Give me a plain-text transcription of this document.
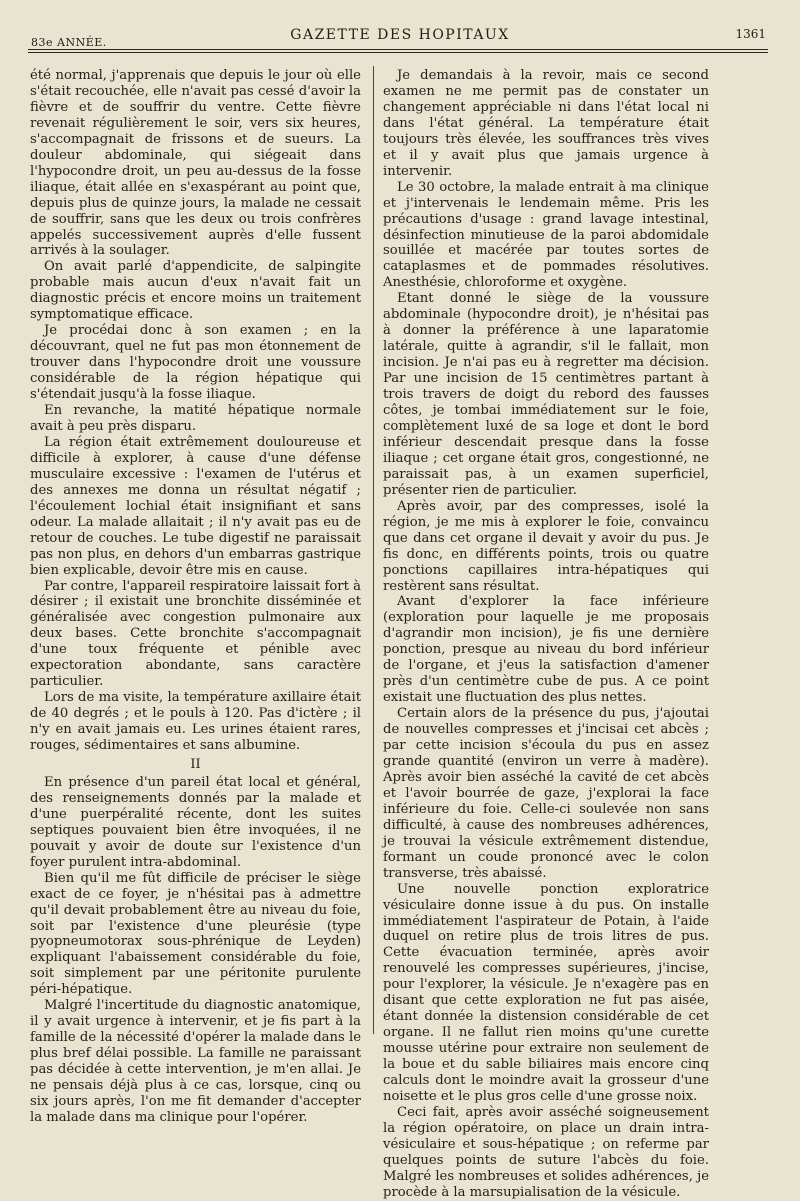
83e ANNÉE.	GAZETTE DES HOPITAUX	1361

été normal, j'apprenais que depuis le jour où elle s'était recouchée, elle n'avait pas cessé d'avoir la fièvre et de souffrir du ventre. Cette fièvre revenait régulièrement le soir, vers six heures, s'accompagnait de frissons et de sueurs. La douleur abdominale, qui siégeait dans l'hypocondre droit, un peu au-dessus de la fosse iliaque, était allée en s'exaspérant au point que, depuis plus de quinze jours, la malade ne cessait de souffrir, sans que les deux ou trois confrères appelés successivement auprès d'elle fussent arrivés à la soulager.

On avait parlé d'appendicite, de salpingite probable mais aucun d'eux n'avait fait un diagnostic précis et encore moins un traitement symptomatique efficace.

Je procédai donc à son examen ; en la découvrant, quel ne fut pas mon étonnement de trouver dans l'hypocondre droit une voussure considérable de la région hépatique qui s'étendait jusqu'à la fosse iliaque.

En revanche, la matité hépatique normale avait à peu près disparu.

La région était extrêmement douloureuse et difficile à explorer, à cause d'une défense musculaire excessive : l'examen de l'utérus et des annexes me donna un résultat négatif ; l'écoulement lochial était insignifiant et sans odeur. La malade allaitait ; il n'y avait pas eu de retour de couches. Le tube digestif ne paraissait pas non plus, en dehors d'un embarras gastrique bien explicable, devoir être mis en cause.

Par contre, l'appareil respiratoire laissait fort à désirer ; il existait une bronchite disséminée et généralisée avec congestion pulmonaire aux deux bases. Cette bronchite s'accompagnait d'une toux fréquente et pénible avec expectoration abondante, sans caractère particulier.

Lors de ma visite, la température axillaire était de 40 degrés ; et le pouls à 120. Pas d'ictère ; il n'y en avait jamais eu. Les urines étaient rares, rouges, sédimentaires et sans albumine.

II

En présence d'un pareil état local et général, des renseignements donnés par la malade et d'une puerpéralité récente, dont les suites septiques pouvaient bien être invoquées, il ne pouvait y avoir de doute sur l'existence d'un foyer purulent intra-abdominal.

Bien qu'il me fût difficile de préciser le siège exact de ce foyer, je n'hésitai pas à admettre qu'il devait probablement être au niveau du foie, soit par l'existence d'une pleurésie (type pyopneumotorax sous-phrénique de Leyden) expliquant l'abaissement considérable du foie, soit simplement par une péritonite purulente péri-hépatique.

Malgré l'incertitude du diagnostic anatomique, il y avait urgence à intervenir, et je fis part à la famille de la nécessité d'opérer la malade dans le plus bref délai possible. La famille ne paraissant pas décidée à cette intervention, je m'en allai. Je ne pensais déjà plus à ce cas, lorsque, cinq ou six jours après, l'on me fit demander d'accepter la malade dans ma clinique pour l'opérer.

Je demandais à la revoir, mais ce second examen ne me permit pas de constater un changement appréciable ni dans l'état local ni dans l'état général. La température était toujours très élevée, les souffrances très vives et il y avait plus que jamais urgence à intervenir.

Le 30 octobre, la malade entrait à ma clinique et j'intervenais le lendemain même. Pris les précautions d'usage : grand lavage intestinal, désinfection minutieuse de la paroi abdomidale souillée et macérée par toutes sortes de cataplasmes et de pommades résolutives. Anesthésie, chloroforme et oxygène.

Etant donné le siège de la voussure abdominale (hypocondre droit), je n'hésitai pas à donner la préférence à une laparatomie latérale, quitte à agrandir, s'il le fallait, mon incision. Je n'ai pas eu à regretter ma décision. Par une incision de 15 centimètres partant à trois travers de doigt du rebord des fausses côtes, je tombai immédiatement sur le foie, complètement luxé de sa loge et dont le bord inférieur descendait presque dans la fosse iliaque ; cet organe était gros, congestionné, ne paraissait pas, à un examen superficiel, présenter rien de particulier.

Après avoir, par des compresses, isolé la région, je me mis à explorer le foie, convaincu que dans cet organe il devait y avoir du pus. Je fis donc, en différents points, trois ou quatre ponctions capillaires intra-hépatiques qui restèrent sans résultat.

Avant d'explorer la face inférieure (exploration pour laquelle je me proposais d'agrandir mon incision), je fis une dernière ponction, presque au niveau du bord inférieur de l'organe, et j'eus la satisfaction d'amener près d'un centimètre cube de pus. A ce point existait une fluctuation des plus nettes.

Certain alors de la présence du pus, j'ajoutai de nouvelles compresses et j'incisai cet abcès ; par cette incision s'écoula du pus en assez grande quantité (environ un verre à madère). Après avoir bien asséché la cavité de cet abcès et l'avoir bourrée de gaze, j'explorai la face inférieure du foie. Celle-ci soulevée non sans difficulté, à cause des nombreuses adhérences, je trouvai la vésicule extrêmement distendue, formant un coude prononcé avec le colon transverse, très abaissé.

Une nouvelle ponction exploratrice vésiculaire donne issue à du pus. On installe immédiatement l'aspirateur de Potain, à l'aide duquel on retire plus de trois litres de pus. Cette évacuation terminée, après avoir renouvelé les compresses supérieures, j'incise, pour l'explorer, la vésicule. Je n'exagère pas en disant que cette exploration ne fut pas aisée, étant donnée la distension considérable de cet organe. Il ne fallut rien moins qu'une curette mousse utérine pour extraire non seulement de la boue et du sable biliaires mais encore cinq calculs dont le moindre avait la grosseur d'une noisette et le plus gros celle d'une grosse noix.

Ceci fait, après avoir asséché soigneusement la région opératoire, on place un drain intra-vésiculaire et sous-hépatique ; on referme par quelques points de suture l'abcès du foie. Malgré les nombreuses et solides adhérences, je procède à la marsupialisation de la vésicule.
